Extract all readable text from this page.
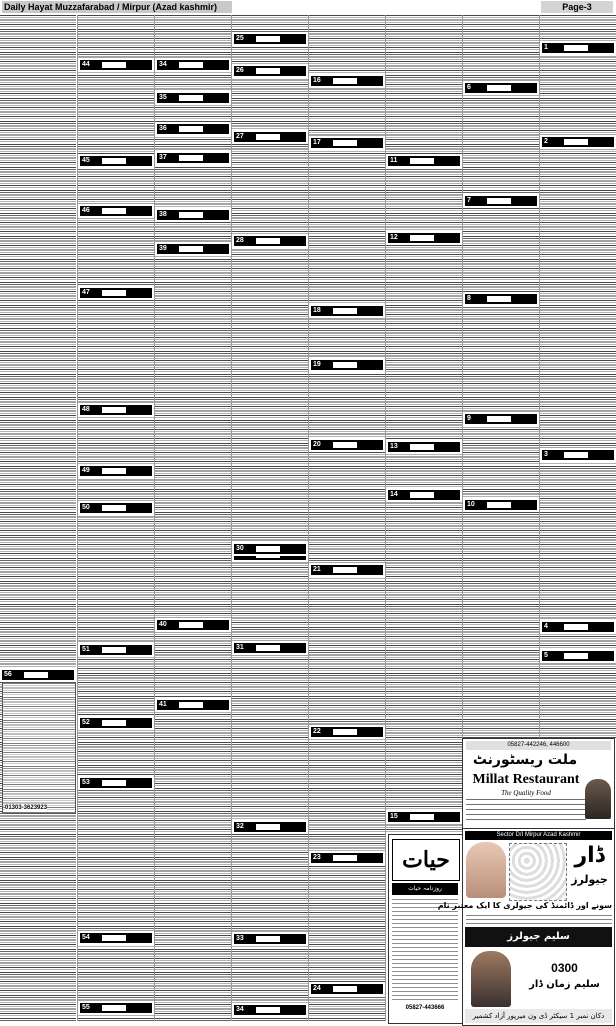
Daily Hayat Muzzafarabad / Mirpur (Azad kashmir)	Page-3
56
44
45
46
47
48
49
50
51
52
53
54
55
34
35
36
37
38
39
40
41
25
26
27
28
30
31
32
33
34
16
17
18
19
20
21
22
23
24
11
12
13
14
15
6
7
8
9
10
1
2
3
4
5
01303-3623923
حیات
روزنامہ حیات
05827-443666
05827-442246, 446600
ملت ریسٹورنٹ
Millat Restaurant
The Quality Food
Sector D/I Mirpur Azad Kashmir
ڈار
جیولرز
سونے اور ڈائمنڈ کی جیولری کا ایک معتبر نام
سلیم جیولرز
0300
سلیم زمان ڈار
دکان نمبر 1 سیکٹر ڈی ون میرپور آزاد کشمیر
